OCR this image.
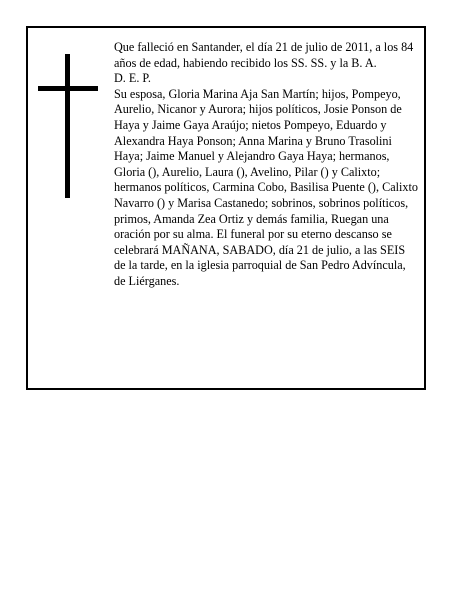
Que falleció en Santander, el día 21 de julio de 2011, a los 84 años de edad, habiendo recibido los SS. SS. y la B. A.

D. E. P.

Su esposa, Gloria Marina Aja San Martín; hijos, Pompeyo, Aurelio, Nicanor y Aurora; hijos políticos, Josie Ponson de Haya y Jaime Gaya Araújo; nietos Pompeyo, Eduardo y Alexandra Haya Ponson; Anna Marina y Bruno Trasolini Haya; Jaime Manuel y Alejandro Gaya Haya; hermanos, Gloria (), Aurelio, Laura (), Avelino, Pilar () y Calixto; hermanos políticos, Carmina Cobo, Basilisa Puente (), Calixto Navarro () y Marisa Castanedo; sobrinos, sobrinos políticos, primos, Amanda Zea Ortiz y demás familia, Ruegan una oración por su alma. El funeral por su eterno descanso se celebrará MAÑANA, SABADO, día 21 de julio, a las SEIS de la tarde, en la iglesia parroquial de San Pedro Advíncula, de Liérganes.
